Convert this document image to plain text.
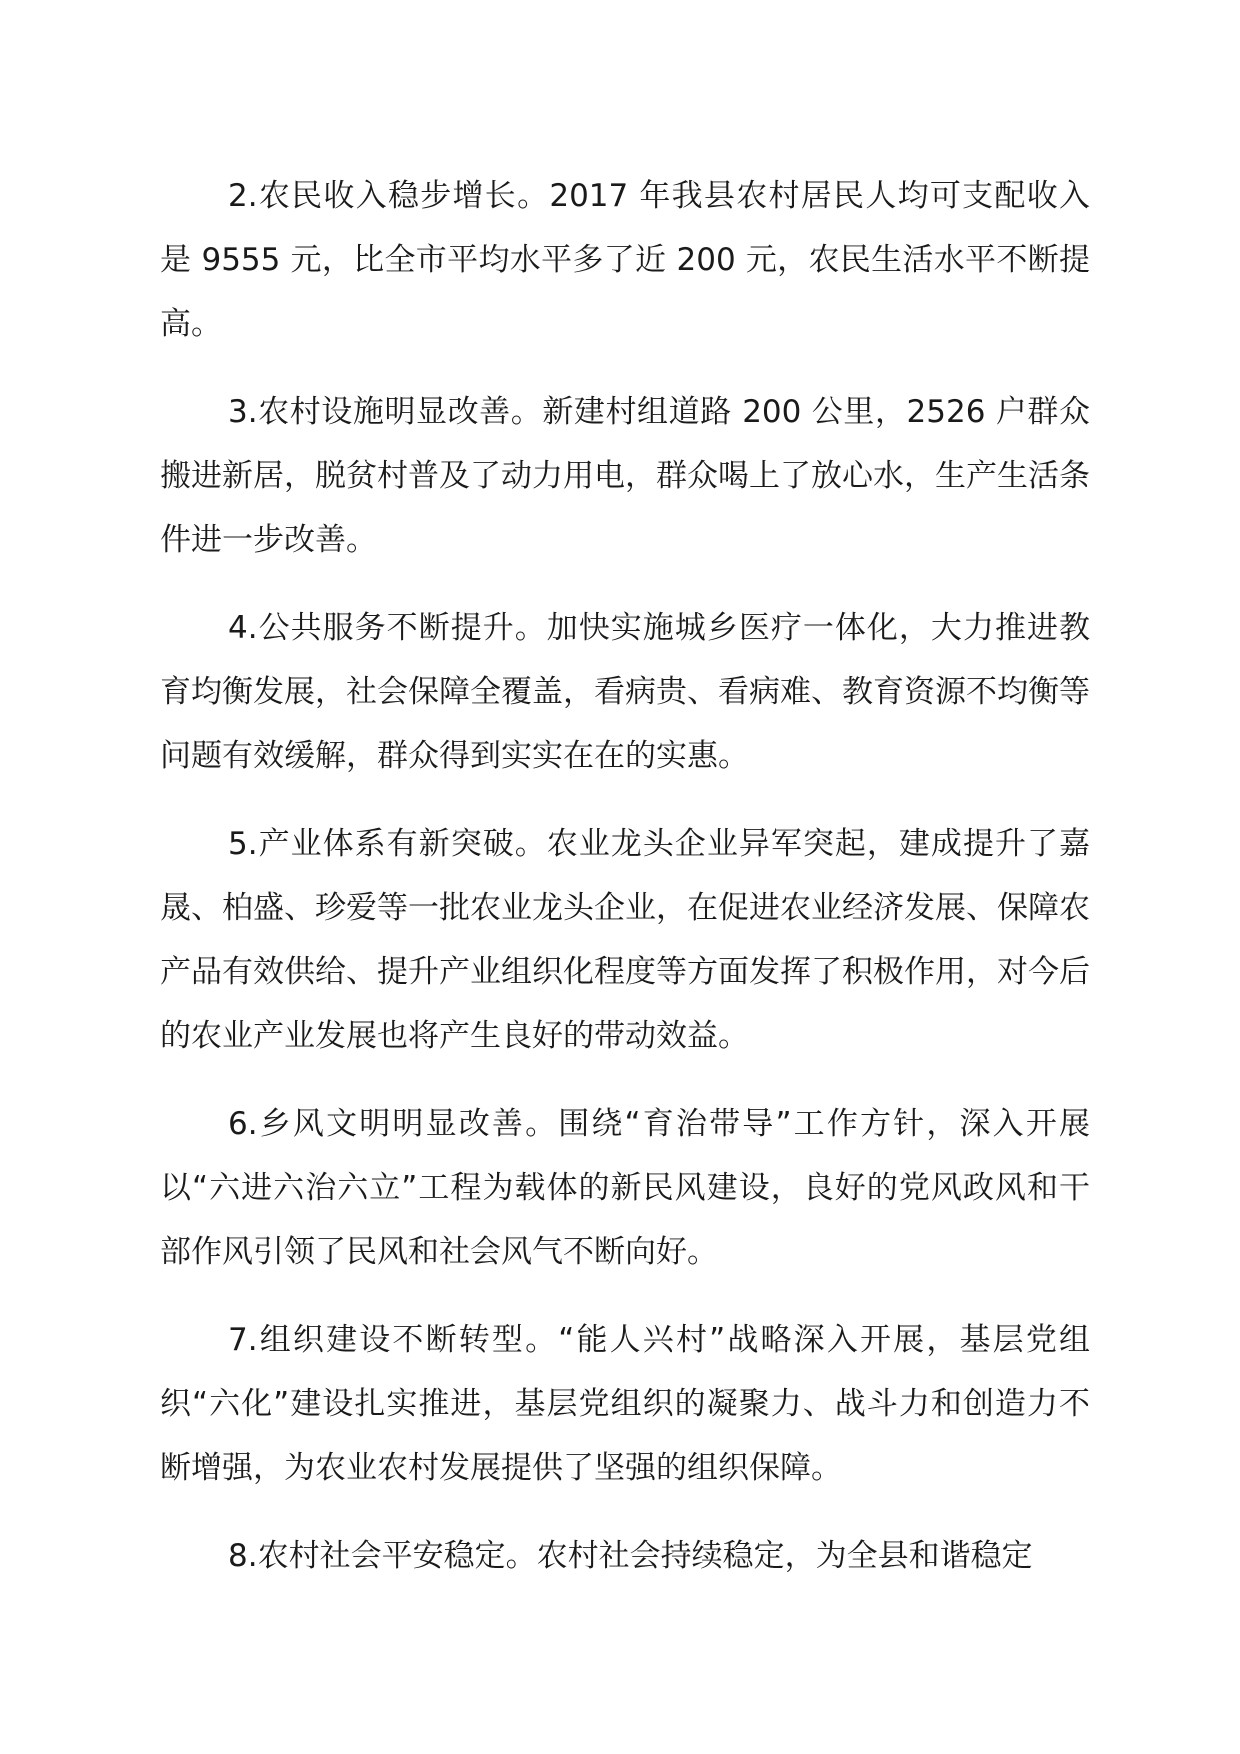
2.农民收入稳步增长。2017 年我县农村居民人均可支配收入是 9555 元，比全市平均水平多了近 200 元，农民生活水平不断提高。

3.农村设施明显改善。新建村组道路 200 公里，2526 户群众搬进新居，脱贫村普及了动力用电，群众喝上了放心水，生产生活条件进一步改善。

4.公共服务不断提升。加快实施城乡医疗一体化，大力推进教育均衡发展，社会保障全覆盖，看病贵、看病难、教育资源不均衡等问题有效缓解，群众得到实实在在的实惠。

5.产业体系有新突破。农业龙头企业异军突起，建成提升了嘉晟、柏盛、珍爱等一批农业龙头企业，在促进农业经济发展、保障农产品有效供给、提升产业组织化程度等方面发挥了积极作用，对今后的农业产业发展也将产生良好的带动效益。

6.乡风文明明显改善。围绕“育治带导”工作方针，深入开展以“六进六治六立”工程为载体的新民风建设，良好的党风政风和干部作风引领了民风和社会风气不断向好。

7.组织建设不断转型。“能人兴村”战略深入开展，基层党组织“六化”建设扎实推进，基层党组织的凝聚力、战斗力和创造力不断增强，为农业农村发展提供了坚强的组织保障。

8.农村社会平安稳定。农村社会持续稳定，为全县和谐稳定
